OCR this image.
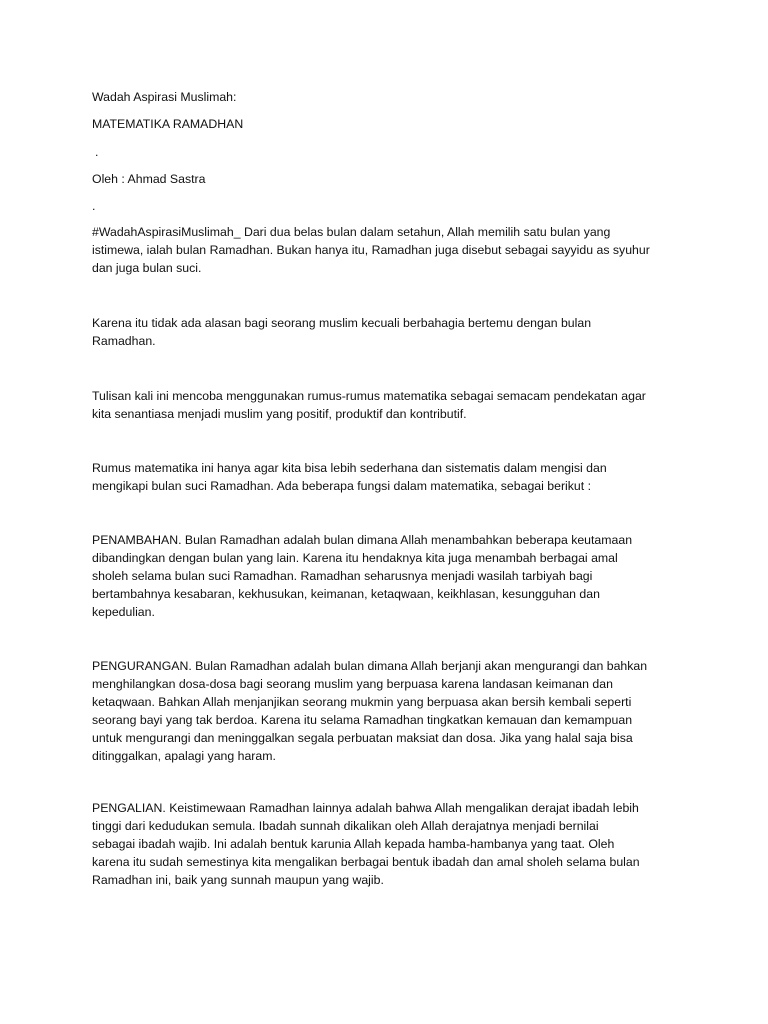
Wadah Aspirasi Muslimah:
MATEMATIKA RAMADHAN
.
Oleh : Ahmad Sastra
.

#WadahAspirasiMuslimah_ Dari dua belas bulan dalam setahun, Allah memilih satu bulan yang

istimewa, ialah bulan Ramadhan. Bukan hanya itu, Ramadhan juga disebut sebagai sayyidu as syuhur

dan juga bulan suci.

Karena itu tidak ada alasan bagi seorang muslim kecuali berbahagia bertemu dengan bulan

Ramadhan.

Tulisan kali ini mencoba menggunakan rumus-rumus matematika sebagai semacam pendekatan agar

kita senantiasa menjadi muslim yang positif, produktif dan kontributif.

Rumus matematika ini hanya agar kita bisa lebih sederhana dan sistematis dalam mengisi dan

mengikapi bulan suci Ramadhan. Ada beberapa fungsi dalam matematika, sebagai berikut :

PENAMBAHAN. Bulan Ramadhan adalah bulan dimana Allah menambahkan beberapa keutamaan

dibandingkan dengan bulan yang lain. Karena itu hendaknya kita juga menambah berbagai amal

sholeh selama bulan suci Ramadhan. Ramadhan seharusnya menjadi wasilah tarbiyah bagi

bertambahnya kesabaran, kekhusukan, keimanan, ketaqwaan, keikhlasan, kesungguhan dan

kepedulian.

PENGURANGAN. Bulan Ramadhan adalah bulan dimana Allah berjanji akan mengurangi dan bahkan

menghilangkan dosa-dosa bagi seorang muslim yang berpuasa karena landasan keimanan dan

ketaqwaan. Bahkan Allah menjanjikan seorang mukmin yang berpuasa akan bersih kembali seperti

seorang bayi yang tak berdoa. Karena itu selama Ramadhan tingkatkan kemauan dan kemampuan

untuk mengurangi dan meninggalkan segala perbuatan maksiat dan dosa. Jika yang halal saja bisa

ditinggalkan, apalagi yang haram.

PENGALIAN. Keistimewaan Ramadhan lainnya adalah bahwa Allah mengalikan derajat ibadah lebih

tinggi dari kedudukan semula. Ibadah sunnah dikalikan oleh Allah derajatnya menjadi bernilai

sebagai ibadah wajib. Ini adalah bentuk karunia Allah kepada hamba-hambanya yang taat. Oleh

karena itu sudah semestinya kita mengalikan berbagai bentuk ibadah dan amal sholeh selama bulan

Ramadhan ini, baik yang sunnah maupun yang wajib.
